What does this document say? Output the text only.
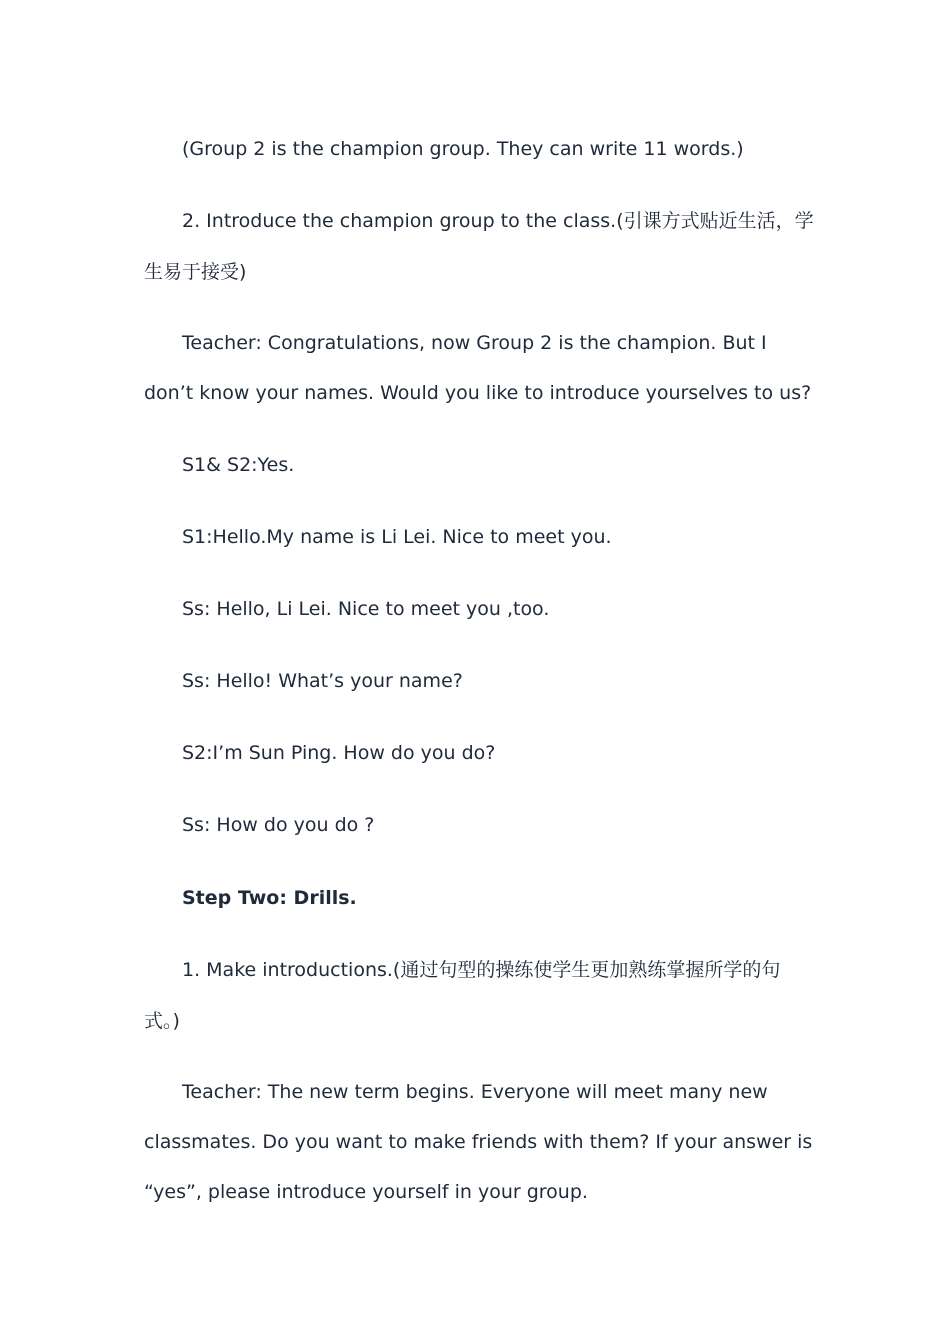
(Group 2 is the champion group. They can write 11 words.)
2. Introduce the champion group to the class.(引课方式贴近生活，学
生易于接受)
Teacher: Congratulations, now Group 2 is the champion. But I
don’t know your names. Would you like to introduce yourselves to us?
S1& S2:Yes.
S1:Hello.My name is Li Lei. Nice to meet you.
Ss: Hello, Li Lei. Nice to meet you ,too.
Ss: Hello! What’s your name?
S2:I’m Sun Ping. How do you do?
Ss: How do you do ?
Step Two: Drills.
1. Make introductions.(通过句型的操练使学生更加熟练掌握所学的句
式。)
Teacher: The new term begins. Everyone will meet many new
classmates. Do you want to make friends with them? If your answer is
“yes”, please introduce yourself in your group.
